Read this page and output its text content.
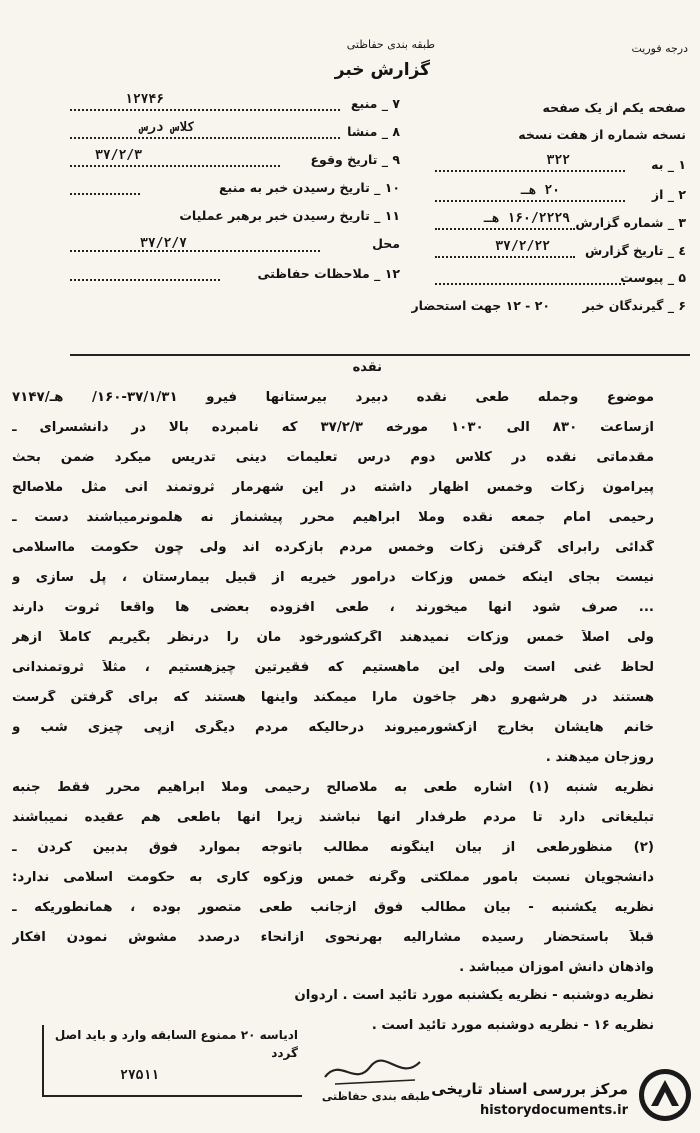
درجه فوریت
طبقه بندی حفاظتی
گزارش خبر
صفحه یکم از یک صفحه
نسخه شماره از هفت نسخه
۱ _ به
۳۲۲
۲ _ از
۲۰ هـ
۳ _ شماره گزارش
۱۶۰/۲۲۲۹ هـ
٤ _ تاریخ گزارش
۳۷/۲/۲۲
۵ _ پیوست
۶ _ گیرندگان خبر
۲۰ - ۱۲ جهت استحضار
۷ _ منبع
۱۲۷۴۶
۸ _ منشا
کلاس درس
۹ _ تاریخ وقوع
۳۷/۲/۳
۱۰ _ تاریخ رسیدن خبر به منبع
۱۱ _ تاریخ رسیدن خبر برهبر عملیات
محل
۳۷/۲/۷
۱۲ _ ملاحظات حفاظتی
نقده
موضوع وجمله طعی نقده دبیرد بیرستانها فیرو ۳۷/۱/۳۱-۱۶۰/ هـ/۷۱۴۷
ازساعت ۸۳۰ الی ۱۰۳۰ مورخه ۳۷/۲/۳ که نامبرده بالا در دانشسرای ـ
مقدماتی نقده در کلاس دوم درس تعلیمات دینی تدریس میکرد ضمن بحث
پیرامون زکات وخمس اظهار داشته در این شهرمار ثروتمند انی مثل ملاصالح
رحیمی امام جمعه نقده وملا ابراهیم محرر پیشنماز نه هلمونرمیباشند دست ـ
گدائی رابرای گرفتن زکات وخمس مردم بازکرده اند ولی چون حکومت مااسلامی
نیست بجای اینکه خمس وزکات درامور خیریه از قبیل بیمارستان ، پل سازی و
... صرف شود آنها میخورند ، طعی افزوده بعضی ها واقعاً ثروت دارند
ولی اصلاً خمس وزکات نمیدهند اگرکشورخود مان را درنظر بگیریم کاملاً ازهر
لحاظ غنی است ولی این ماهستیم که فقیرتین چیزهستیم ، مثلاً ثروتمندانی
هستند در هرشهرو دهر جاخون مارا میمکند واینها هستند که برای گرفتن گرست
خانم هایشان بخارج ازکشورمیروند درحالیکه مردم دیگری ازپی چیزی شب و
روزجان میدهند .
نظریه شنبه (۱) اشاره طعی به ملاصالح رحیمی وملا ابراهیم محرر فقط جنبه
تبلیغاتی دارد تا مردم طرفدار آنها نباشند زیرا آنها باطعی هم عقیده نمیباشند
(۲) منظورطعی از بیان اینگونه مطالب باتوجه بموارد فوق بدبین کردن ـ
دانشجویان نسبت بامور مملکتی وگرنه خمس وزکوه کاری به حکومت اسلامی ندارد:
نظریه یکشنبه - بیان مطالب فوق ازجانب طعی متصور بوده ، همانطوریکه ـ
قبلاً باستحضار رسیده مشارالیه بهرنحوی ازانحاء درصدد مشوش نمودن افکار
واذهان دانش آموزان میباشد .
نظریه دوشنبه - نظریه یکشنبه مورد تائید است . اردوان
نظریه ۱۶ - نظریه دوشنبه مورد تائید است .
ادیاسه ۲۰ ممنوع السابقه وارد و باید اصل گردد
۲۷۵۱۱
طبقه بندی حفاظتی مرکز بررسی اسناد تاریخی
historydocuments.ir
